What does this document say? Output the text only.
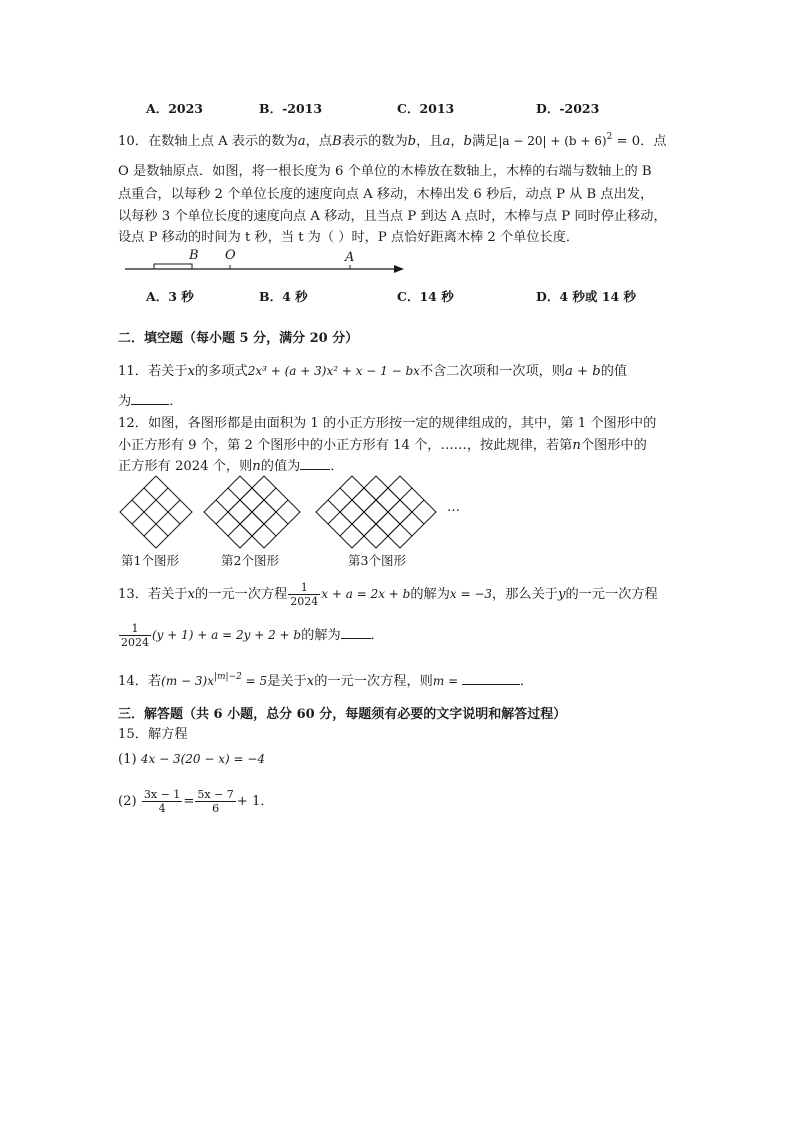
A．2023	B．-2013	C．2013	D．-2023
10．在数轴上点 A 表示的数为a，点B表示的数为b，且a，b满足$|a - 20| + (b + 6)^2 = 0$．点
O 是数轴原点．如图，将一根长度为 6 个单位的木棒放在数轴上，木棒的右端与数轴上的 B
点重合，以每秒 2 个单位长度的速度向点 A 移动，木棒出发 6 秒后，动点 P 从 B 点出发，
以每秒 3 个单位长度的速度向点 A 移动，且当点 P 到达 A 点时，木棒与点 P 同时停止移动，
设点 P 移动的时间为 t 秒，当 t 为（ ）时，P 点恰好距离木棒 2 个单位长度．
B O	A
A．3 秒	B．4 秒	C．14 秒	D．4 秒或 14 秒
二．填空题（每小题 5 分，满分 20 分）
11．若关于x的多项式2x³ + (a + 3)x² + x − 1 − bx不含二次项和一次项，则a + b的值
为	．
12．如图，各图形都是由面积为 1 的小正方形按一定的规律组成的，其中，第 1 个图形中的
小正方形有 9 个，第 2 个图形中的小正方形有 14 个，……，按此规律，若第n个图形中的
正方形有 2024 个，则n的值为 ．
…
第1个图形	第2个图形	第3个图形
13．若关于x的一元一次方程 $\frac{1}{2024}$ x + a = 2x + b的解为x = −3，那么关于y的一元一次方程
$\frac{1}{2024} (y + 1) + a = 2y + 2 + b$的解为 ．
14．若$(m - 3)x^{|m|-2} = 5$是关于x的一元一次方程，则m =	．
三．解答题（共 6 小题，总分 60 分，每题须有必要的文字说明和解答过程）
15．解方程
(1) 4x − 3(20 − x) = −4
$(2) \frac{3x - 1}{4} = \frac{5x - 7}{6} + 1$．
